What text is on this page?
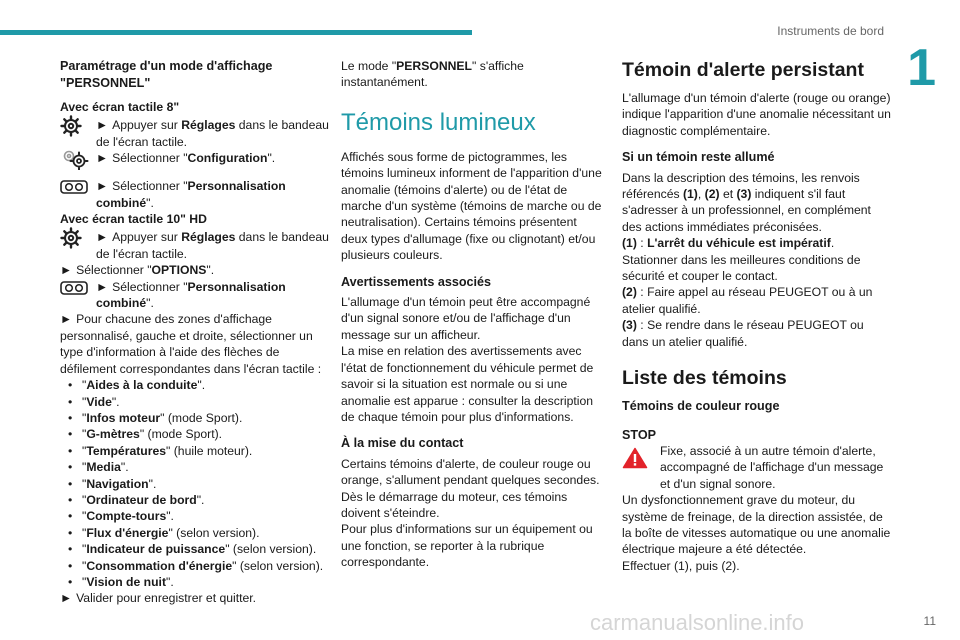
Instruments de bord
1
Paramétrage d'un mode d'affichage "PERSONNEL"
Avec écran tactile 8"

► Appuyer sur Réglages dans le bandeau de l'écran tactile.

► Sélectionner "Configuration".

► Sélectionner "Personnalisation combiné".

Avec écran tactile 10" HD

► Appuyer sur Réglages dans le bandeau de l'écran tactile.

► Sélectionner "OPTIONS".

► Sélectionner "Personnalisation combiné".

► Pour chacune des zones d'affichage personnalisé, gauche et droite, sélectionner un type d'information à l'aide des flèches de défilement correspondantes dans l'écran tactile :

• "Aides à la conduite".
• "Vide".
• "Infos moteur" (mode Sport).
• "G-mètres" (mode Sport).
• "Températures" (huile moteur).
• "Media".
• "Navigation".
• "Ordinateur de bord".
• "Compte-tours".
• "Flux d'énergie" (selon version).
• "Indicateur de puissance" (selon version).
• "Consommation d'énergie" (selon version).
• "Vision de nuit".

► Valider pour enregistrer et quitter.

Le mode "PERSONNEL" s'affiche instantanément.

Témoins lumineux

Affichés sous forme de pictogrammes, les témoins lumineux informent de l'apparition d'une anomalie (témoins d'alerte) ou de l'état de marche d'un système (témoins de marche ou de neutralisation). Certains témoins présentent deux types d'allumage (fixe ou clignotant) et/ou plusieurs couleurs.

Avertissements associés

L'allumage d'un témoin peut être accompagné d'un signal sonore et/ou de l'affichage d'un message sur un afficheur.

La mise en relation des avertissements avec l'état de fonctionnement du véhicule permet de savoir si la situation est normale ou si une anomalie est apparue : consulter la description de chaque témoin pour plus d'informations.

À la mise du contact

Certains témoins d'alerte, de couleur rouge ou orange, s'allument pendant quelques secondes. Dès le démarrage du moteur, ces témoins doivent s'éteindre.

Pour plus d'informations sur un équipement ou une fonction, se reporter à la rubrique correspondante.

Témoin d'alerte persistant

L'allumage d'un témoin d'alerte (rouge ou orange) indique l'apparition d'une anomalie nécessitant un diagnostic complémentaire.

Si un témoin reste allumé

Dans la description des témoins, les renvois référencés (1), (2) et (3) indiquent s'il faut s'adresser à un professionnel, en complément des actions immédiates préconisées.

(1) : L'arrêt du véhicule est impératif.

Stationner dans les meilleures conditions de sécurité et couper le contact.

(2) : Faire appel au réseau PEUGEOT ou à un atelier qualifié.

(3) : Se rendre dans le réseau PEUGEOT ou dans un atelier qualifié.

Liste des témoins
Témoins de couleur rouge
STOP

Fixe, associé à un autre témoin d'alerte, accompagné de l'affichage d'un message et d'un signal sonore.

Un dysfonctionnement grave du moteur, du système de freinage, de la direction assistée, de la boîte de vitesses automatique ou une anomalie électrique majeure a été détectée.

Effectuer (1), puis (2).

carmanualsonline.info	11
